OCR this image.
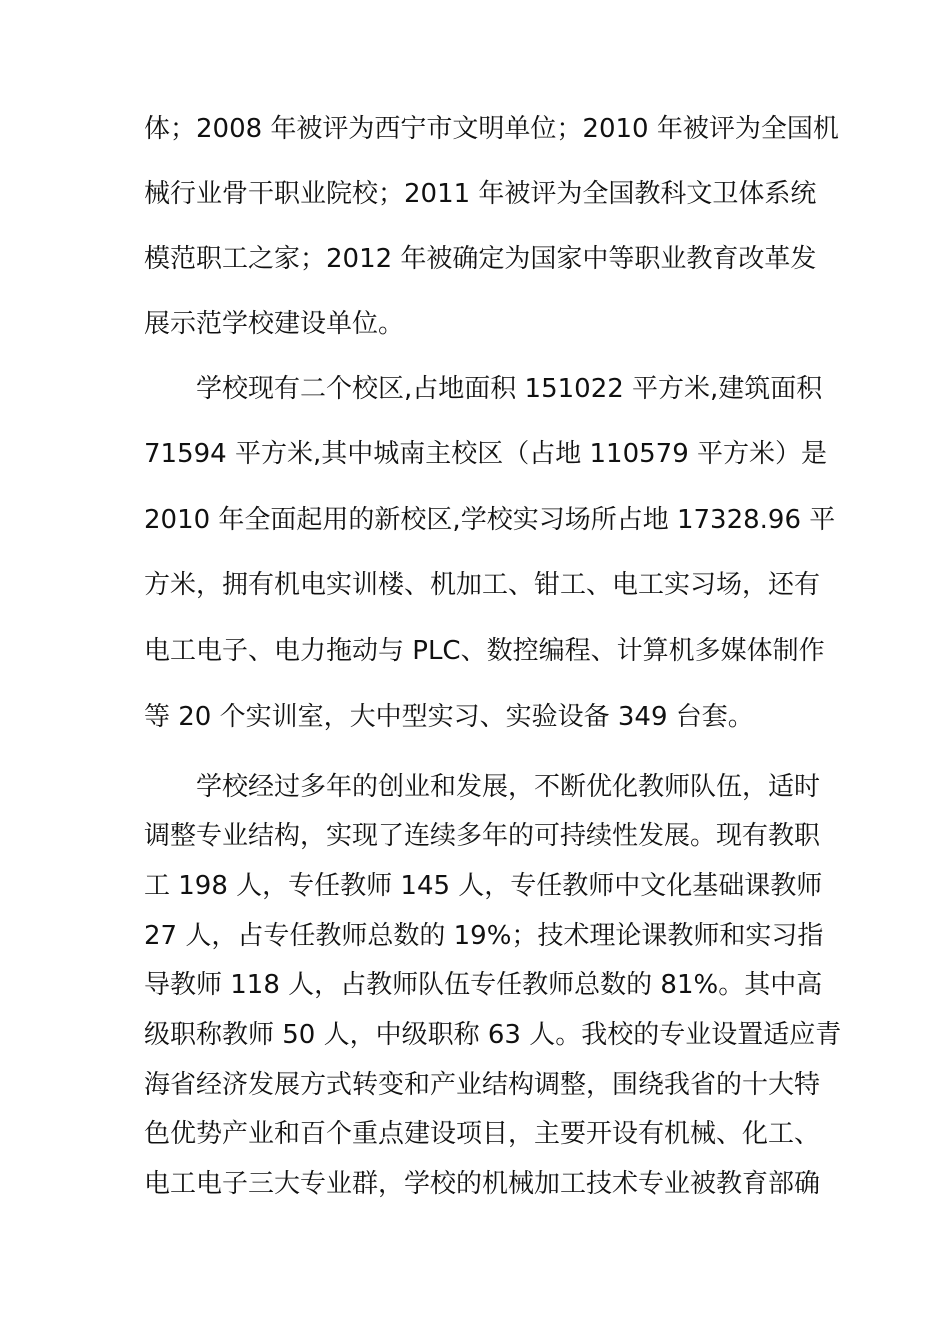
体；2008 年被评为西宁市文明单位；2010 年被评为全国机
械行业骨干职业院校；2011 年被评为全国教科文卫体系统
模范职工之家；2012 年被确定为国家中等职业教育改革发
展示范学校建设单位。
学校现有二个校区,占地面积 151022 平方米,建筑面积
71594 平方米,其中城南主校区（占地 110579 平方米）是
2010 年全面起用的新校区,学校实习场所占地 17328.96 平
方米，拥有机电实训楼、机加工、钳工、电工实习场，还有
电工电子、电力拖动与 PLC、数控编程、计算机多媒体制作
等 20 个实训室，大中型实习、实验设备 349 台套。
学校经过多年的创业和发展，不断优化教师队伍，适时
调整专业结构，实现了连续多年的可持续性发展。现有教职
工 198 人，专任教师 145 人，专任教师中文化基础课教师
27 人，占专任教师总数的 19%；技术理论课教师和实习指
导教师 118 人，占教师队伍专任教师总数的 81%。其中高
级职称教师 50 人，中级职称 63 人。我校的专业设置适应青
海省经济发展方式转变和产业结构调整，围绕我省的十大特
色优势产业和百个重点建设项目，主要开设有机械、化工、
电工电子三大专业群，学校的机械加工技术专业被教育部确
